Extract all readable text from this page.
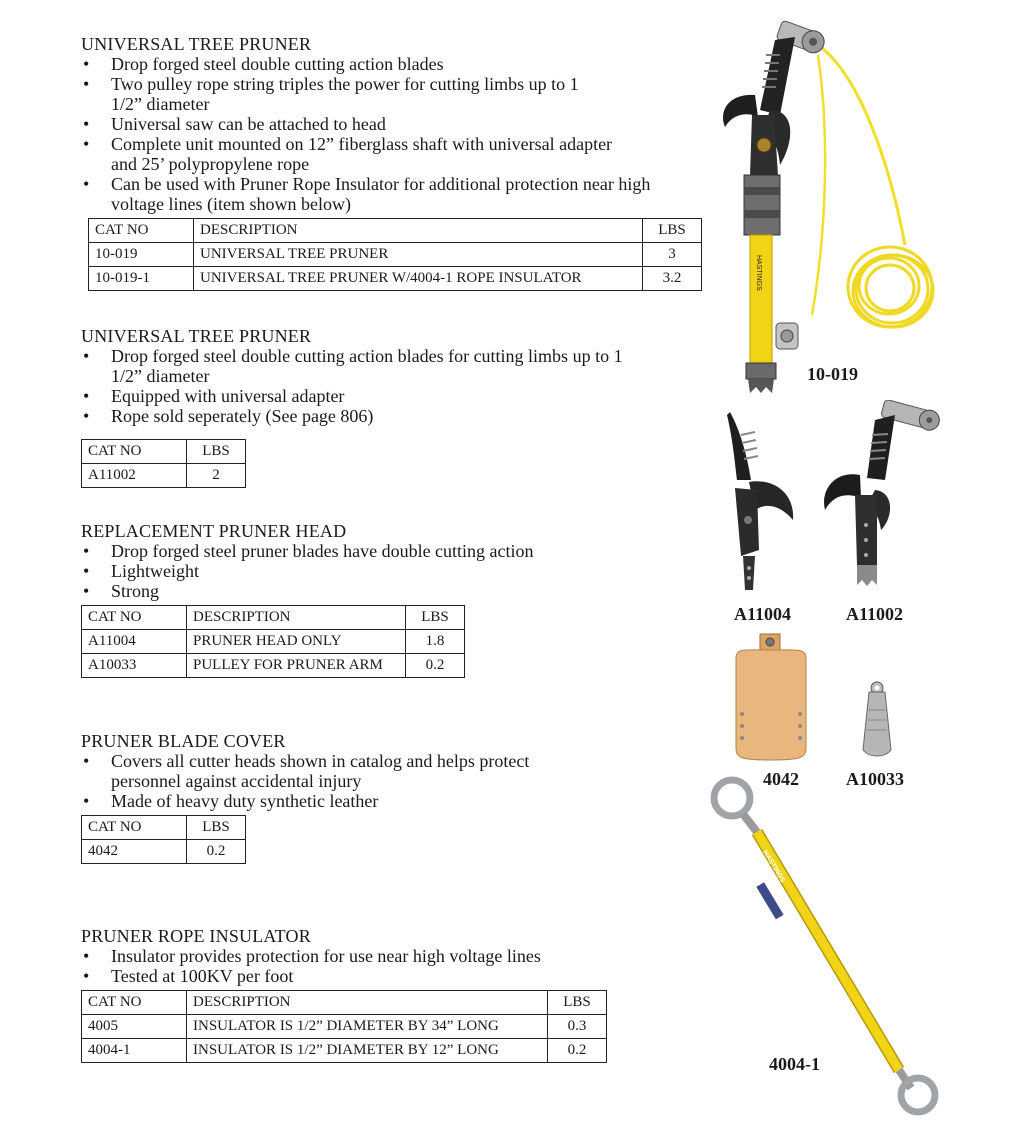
UNIVERSAL TREE PRUNER
• Drop forged steel double cutting action blades
• Two pulley rope string triples the power for cutting limbs up to 1 1/2” diameter
• Universal saw can be attached to head
• Complete unit mounted on 12” fiberglass shaft with universal adapter and 25’ polypropylene rope
• Can be used with Pruner Rope Insulator for additional protection near high voltage lines (item shown below)
CAT NO	DESCRIPTION	LBS
10-019	UNIVERSAL TREE PRUNER	3
10-019-1	UNIVERSAL TREE PRUNER W/4004-1 ROPE INSULATOR	3.2
UNIVERSAL TREE PRUNER
• Drop forged steel double cutting action blades for cutting limbs up to 1 1/2” diameter
• Equipped with universal adapter
• Rope sold seperately (See page 806)
CAT NO	LBS
A11002	2
REPLACEMENT PRUNER HEAD
• Drop forged steel pruner blades have double cutting action
• Lightweight
• Strong
CAT NO	DESCRIPTION	LBS
A11004	PRUNER HEAD ONLY	1.8
A10033	PULLEY FOR PRUNER ARM	0.2
PRUNER BLADE COVER
• Covers all cutter heads shown in catalog and helps protect personnel against accidental injury
• Made of heavy duty synthetic leather
CAT NO	LBS
4042	0.2
PRUNER ROPE INSULATOR
• Insulator provides protection for use near high voltage lines
• Tested at 100KV per foot
CAT NO	DESCRIPTION	LBS
4005	INSULATOR IS 1/2” DIAMETER BY 34” LONG	0.3
4004-1	INSULATOR IS 1/2” DIAMETER BY 12” LONG	0.2
HASTINGS
10-019
A11004	A11002
4042	A10033
HASTINGS
4004-1
